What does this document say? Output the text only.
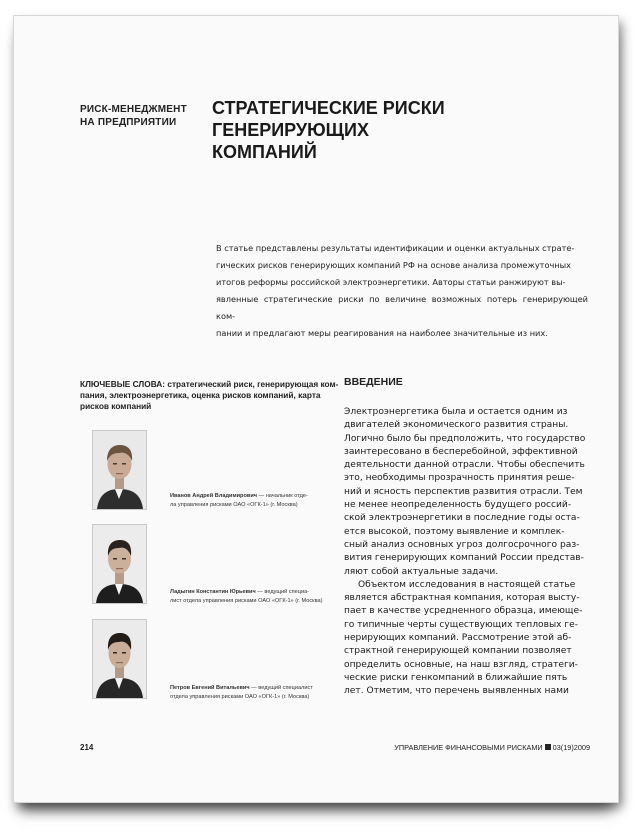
РИСК-МЕНЕДЖМЕНТ
НА ПРЕДПРИЯТИИ
СТРАТЕГИЧЕСКИЕ РИСКИ ГЕНЕРИРУЮЩИХ
КОМПАНИЙ
В статье представлены результаты идентификации и оценки актуальных страте-
гических рисков генерирующих компаний РФ на основе анализа промежуточных
итогов реформы российской электроэнергетики. Авторы статьи ранжируют вы-
явленные стратегические риски по величине возможных потерь генерирующей ком-
пании и предлагают меры реагирования на наиболее значительные из них.
КЛЮЧЕВЫЕ СЛОВА: стратегический риск, генерирующая ком-
пания, электроэнергетика, оценка рисков компаний, карта
рисков компаний
Иванов Андрей Владимирович — начальник отде-
ла управления рисками ОАО «ОГК-1» (г. Москва)
Ладыгин Константин Юрьевич — ведущий специа-
лист отдела управления рисками ОАО «ОГК-1» (г. Москва)
Петров Евгений Витальевич — ведущий специалист
отдела управления рисками ОАО «ОГК-1» (г. Москва)
ВВЕДЕНИЕ

Электроэнергетика была и остается одним из
двигателей экономического развития страны.
Логично было бы предположить, что государство
заинтересовано в бесперебойной, эффективной
деятельности данной отрасли. Чтобы обеспечить
это, необходимы прозрачность принятия реше-
ний и ясность перспектив развития отрасли. Тем
не менее неопределенность будущего россий-
ской электроэнергетики в последние годы оста-
ется высокой, поэтому выявление и комплек-
сный анализ основных угроз долгосрочного раз-
вития генерирующих компаний России представ-
ляют собой актуальные задачи.

Объектом исследования в настоящей статье
является абстрактная компания, которая высту-
пает в качестве усредненного образца, имеюще-
го типичные черты существующих тепловых ге-
нерирующих компаний. Рассмотрение этой аб-
страктной генерирующей компании позволяет
определить основные, на наш взгляд, стратеги-
ческие риски генкомпаний в ближайшие пять
лет. Отметим, что перечень выявленных нами

214	УПРАВЛЕНИЕ ФИНАНСОВЫМИ РИСКАМИ 03(19)2009
